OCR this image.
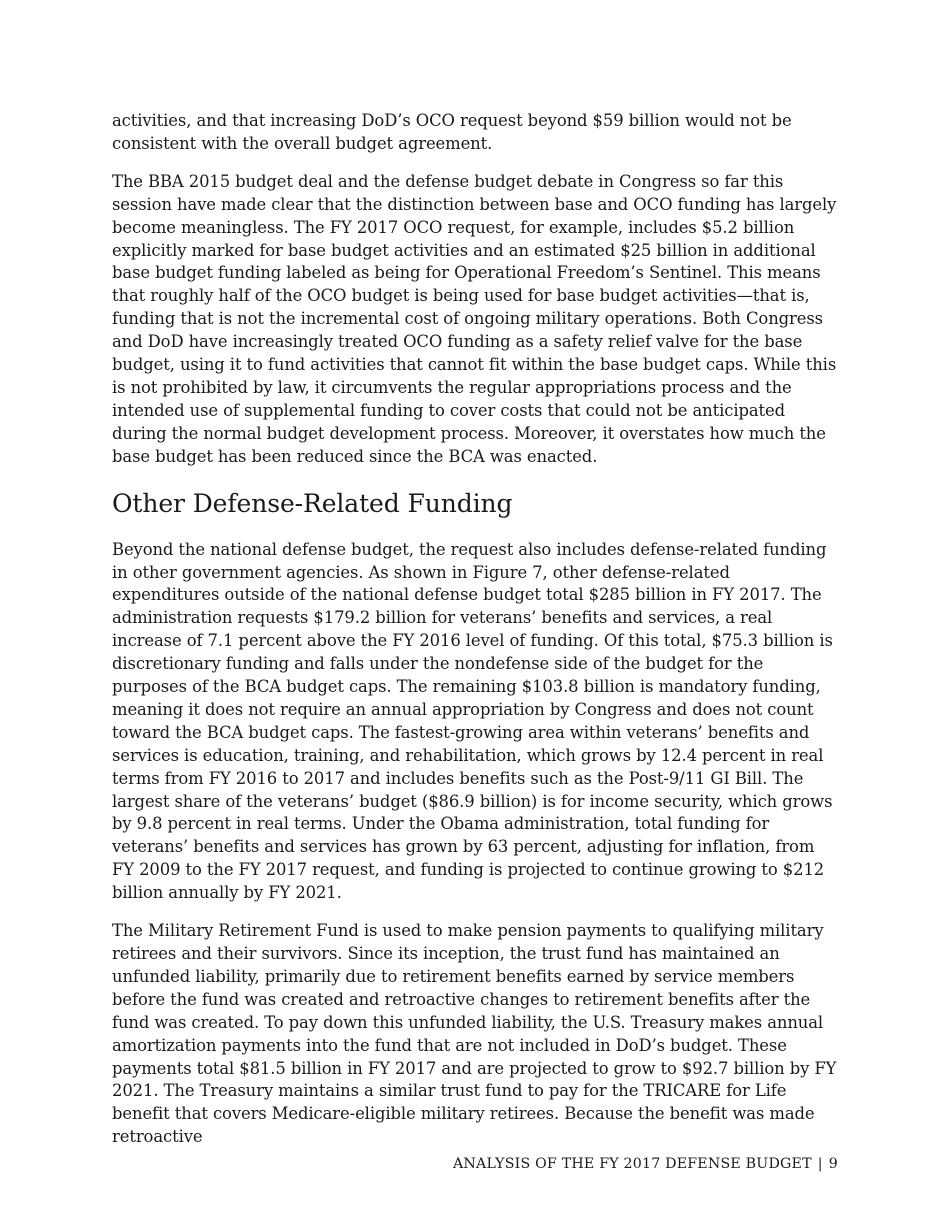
activities, and that increasing DoD’s OCO request beyond $59 billion would not be consistent with the overall budget agreement.

The BBA 2015 budget deal and the defense budget debate in Congress so far this session have made clear that the distinction between base and OCO funding has largely become meaningless. The FY 2017 OCO request, for example, includes $5.2 billion explicitly marked for base budget activities and an estimated $25 billion in additional base budget funding labeled as being for Operational Freedom’s Sentinel. This means that roughly half of the OCO budget is being used for base budget activities—that is, funding that is not the incremental cost of ongoing military operations. Both Congress and DoD have increasingly treated OCO funding as a safety relief valve for the base budget, using it to fund activities that cannot fit within the base budget caps. While this is not prohibited by law, it circumvents the regular appropriations process and the intended use of supplemental funding to cover costs that could not be anticipated during the normal budget development process. Moreover, it overstates how much the base budget has been reduced since the BCA was enacted.

Other Defense-Related Funding

Beyond the national defense budget, the request also includes defense-related funding in other government agencies. As shown in Figure 7, other defense-related expenditures outside of the national defense budget total $285 billion in FY 2017. The administration requests $179.2 billion for veterans’ benefits and services, a real increase of 7.1 percent above the FY 2016 level of funding. Of this total, $75.3 billion is discretionary funding and falls under the nondefense side of the budget for the purposes of the BCA budget caps. The remaining $103.8 billion is mandatory funding, meaning it does not require an annual appropriation by Congress and does not count toward the BCA budget caps. The fastest-growing area within veterans’ benefits and services is education, training, and rehabilitation, which grows by 12.4 percent in real terms from FY 2016 to 2017 and includes benefits such as the Post-9/11 GI Bill. The largest share of the veterans’ budget ($86.9 billion) is for income security, which grows by 9.8 percent in real terms. Under the Obama administration, total funding for veterans’ benefits and services has grown by 63 percent, adjusting for inflation, from FY 2009 to the FY 2017 request, and funding is projected to continue growing to $212 billion annually by FY 2021.

The Military Retirement Fund is used to make pension payments to qualifying military retirees and their survivors. Since its inception, the trust fund has maintained an unfunded liability, primarily due to retirement benefits earned by service members before the fund was created and retroactive changes to retirement benefits after the fund was created. To pay down this unfunded liability, the U.S. Treasury makes annual amortization payments into the fund that are not included in DoD’s budget. These payments total $81.5 billion in FY 2017 and are projected to grow to $92.7 billion by FY 2021. The Treasury maintains a similar trust fund to pay for the TRICARE for Life benefit that covers Medicare-eligible military retirees. Because the benefit was made retroactive

ANALYSIS OF THE FY 2017 DEFENSE BUDGET | 9
